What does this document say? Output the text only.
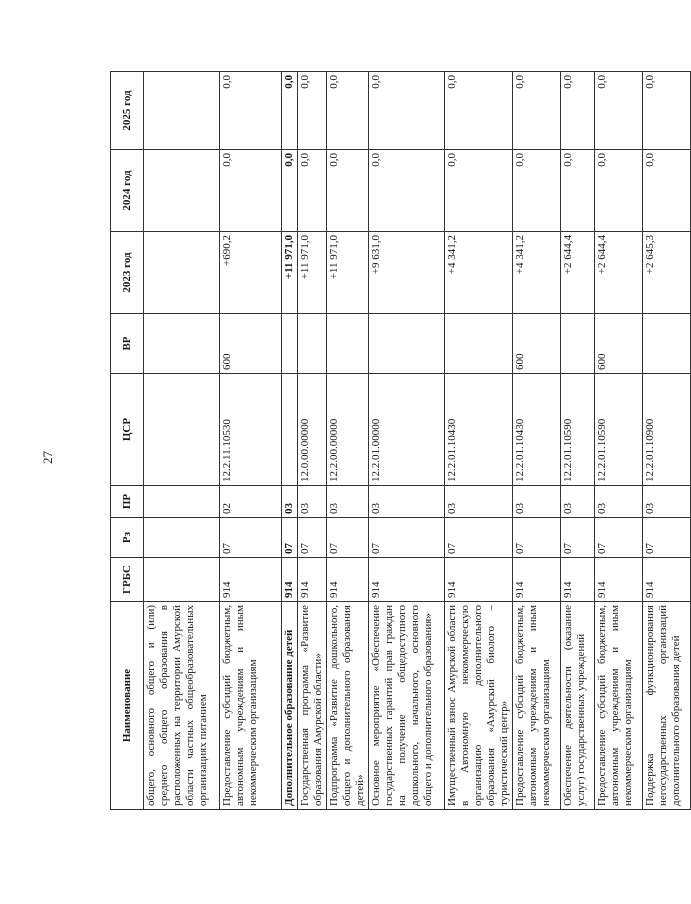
27
Наименование	ГРБС	Рз	ПР	ЦСР	ВР	2023 год	2024 год	2025 год
общего, основного общего и (или) среднего общего образования в расположенных на территории Амурской области частных общеобразовательных организациях питанием								
Предоставление субсидий бюджетным, автономным учреждениям и иным некоммерческим организациям	914	07	02	12.2.11.10530	600	+690,2	0,0	0,0
Дополнительное образование детей	914	07	03			+11 971,0	0,0	0,0
Государственная программа «Развитие образования Амурской области»	914	07	03	12.0.00.00000		+11 971,0	0,0	0,0
Подпрограмма «Развитие дошкольного, общего и дополнительного образования детей»	914	07	03	12.2.00.00000		+11 971,0	0,0	0,0
Основное мероприятие «Обеспечение государственных гарантий прав граждан на получение общедоступного дошкольного, начального, основного общего и дополнительного образования»	914	07	03	12.2.01.00000		+9 631,0	0,0	0,0
Имущественный взнос Амурской области в Автономную некоммерческую организацию дополнительного образования «Амурский биолого – туристический центр»	914	07	03	12.2.01.10430		+4 341,2	0,0	0,0
Предоставление субсидий бюджетным, автономным учреждениям и иным некоммерческим организациям	914	07	03	12.2.01.10430	600	+4 341,2	0,0	0,0
Обеспечение деятельности (оказание услуг) государственных учреждений	914	07	03	12.2.01.10590		+2 644,4	0,0	0,0
Предоставление субсидий бюджетным, автономным учреждениям и иным некоммерческим организациям	914	07	03	12.2.01.10590	600	+2 644,4	0,0	0,0
Поддержка функционирования негосударственных организаций дополнительного образования детей	914	07	03	12.2.01.10900		+2 645,3	0,0	0,0
